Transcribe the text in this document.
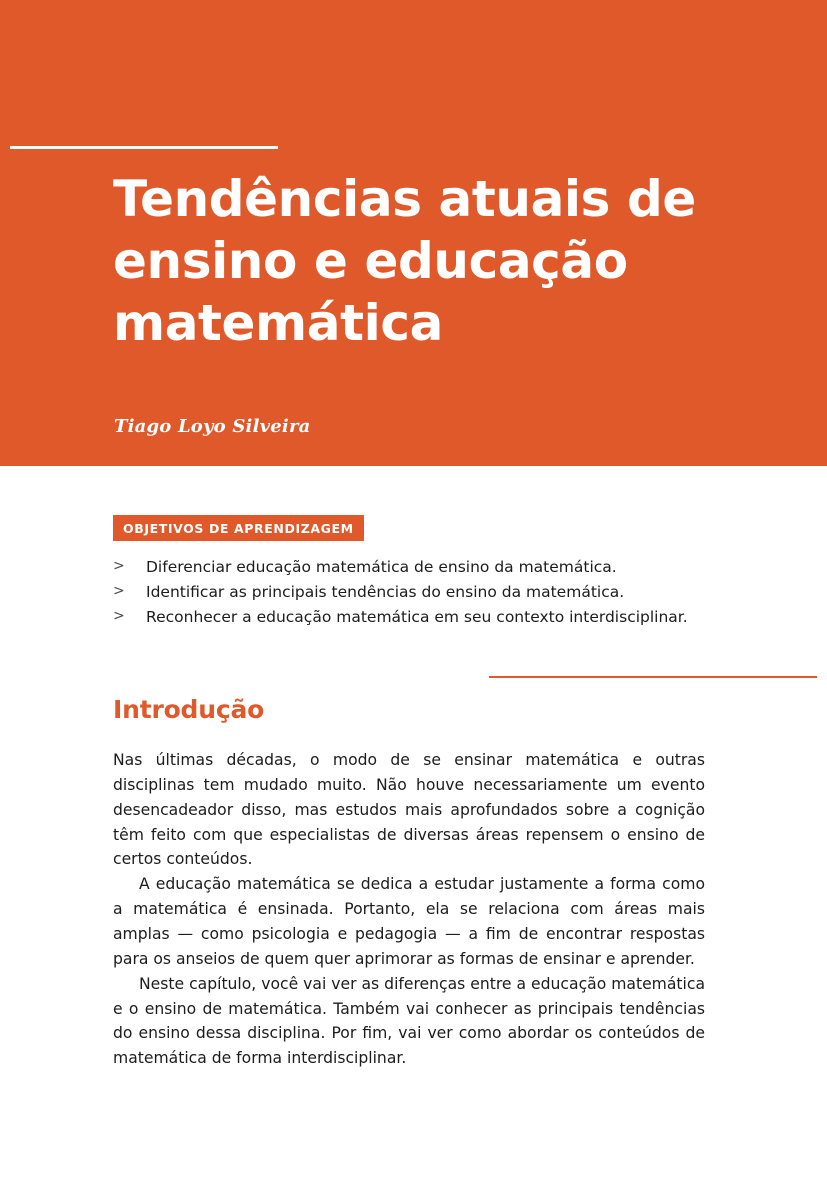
Tendências atuais de ensino e educação matemática

Tiago Loyo Silveira

OBJETIVOS DE APRENDIZAGEM
> Diferenciar educação matemática de ensino da matemática.
> Identificar as principais tendências do ensino da matemática.
> Reconhecer a educação matemática em seu contexto interdisciplinar.
Introdução

Nas últimas décadas, o modo de se ensinar matemática e outras disciplinas tem mudado muito. Não houve necessariamente um evento desencadeador disso, mas estudos mais aprofundados sobre a cognição têm feito com que especialistas de diversas áreas repensem o ensino de certos conteúdos.

A educação matemática se dedica a estudar justamente a forma como a matemática é ensinada. Portanto, ela se relaciona com áreas mais amplas — como psicologia e pedagogia — a fim de encontrar respostas para os anseios de quem quer aprimorar as formas de ensinar e aprender.

Neste capítulo, você vai ver as diferenças entre a educação matemática e o ensino de matemática. Também vai conhecer as principais tendências do ensino dessa disciplina. Por fim, vai ver como abordar os conteúdos de matemática de forma interdisciplinar.
